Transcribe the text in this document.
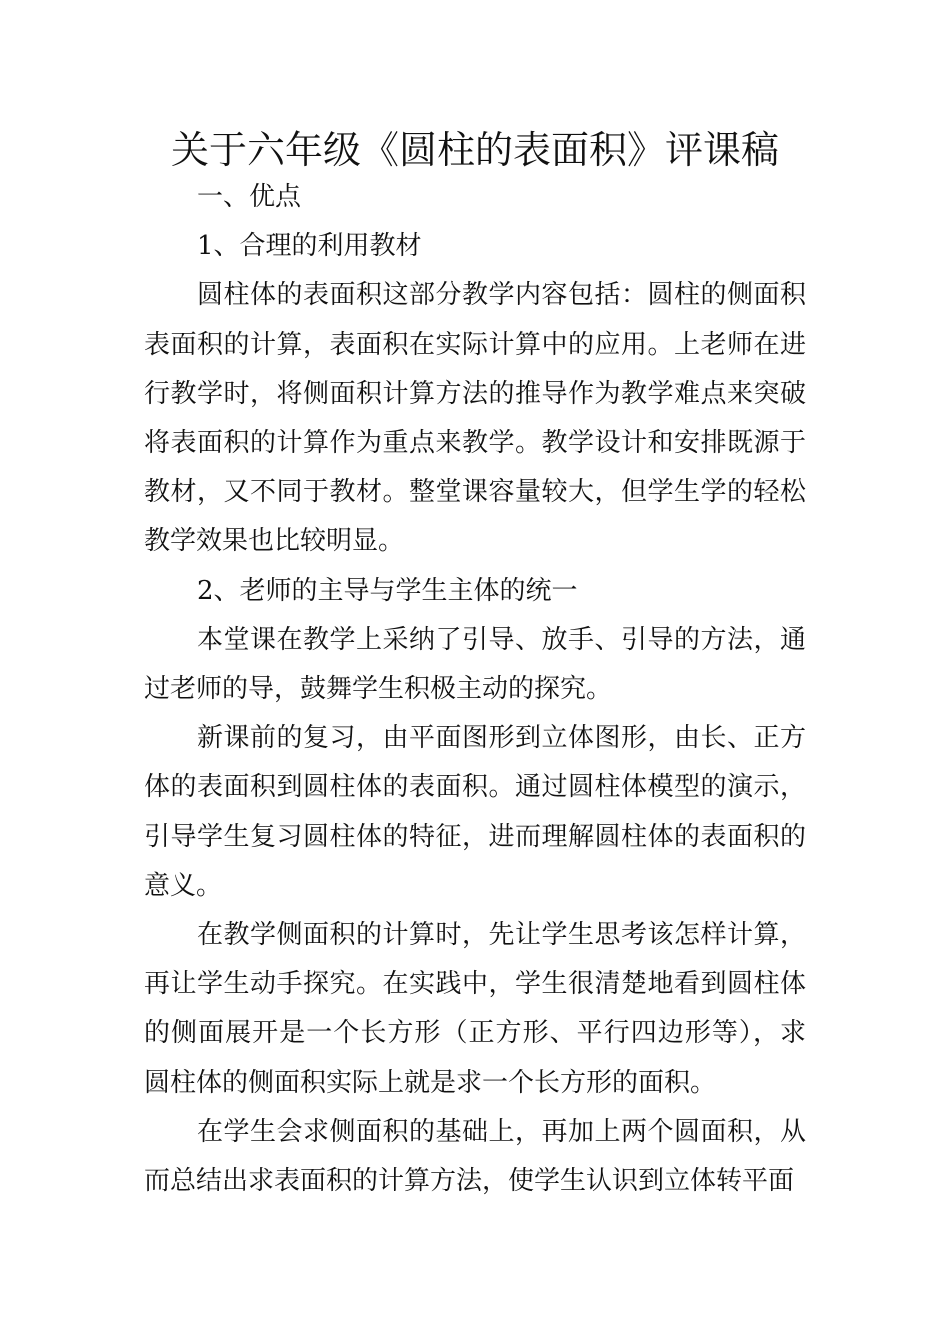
关于六年级《圆柱的表面积》评课稿

一、优点

1、合理的利用教材

圆柱体的表面积这部分教学内容包括：圆柱的侧面积表面积的计算，表面积在实际计算中的应用。上老师在进行教学时，将侧面积计算方法的推导作为教学难点来突破将表面积的计算作为重点来教学。教学设计和安排既源于教材，又不同于教材。整堂课容量较大，但学生学的轻松教学效果也比较明显。

2、老师的主导与学生主体的统一

本堂课在教学上采纳了引导、放手、引导的方法，通过老师的导，鼓舞学生积极主动的探究。

新课前的复习，由平面图形到立体图形，由长、正方体的表面积到圆柱体的表面积。通过圆柱体模型的演示，引导学生复习圆柱体的特征，进而理解圆柱体的表面积的意义。

在教学侧面积的计算时，先让学生思考该怎样计算，再让学生动手探究。在实践中，学生很清楚地看到圆柱体的侧面展开是一个长方形（正方形、平行四边形等），求圆柱体的侧面积实际上就是求一个长方形的面积。

在学生会求侧面积的基础上，再加上两个圆面积，从而总结出求表面积的计算方法，使学生认识到立体转平面
